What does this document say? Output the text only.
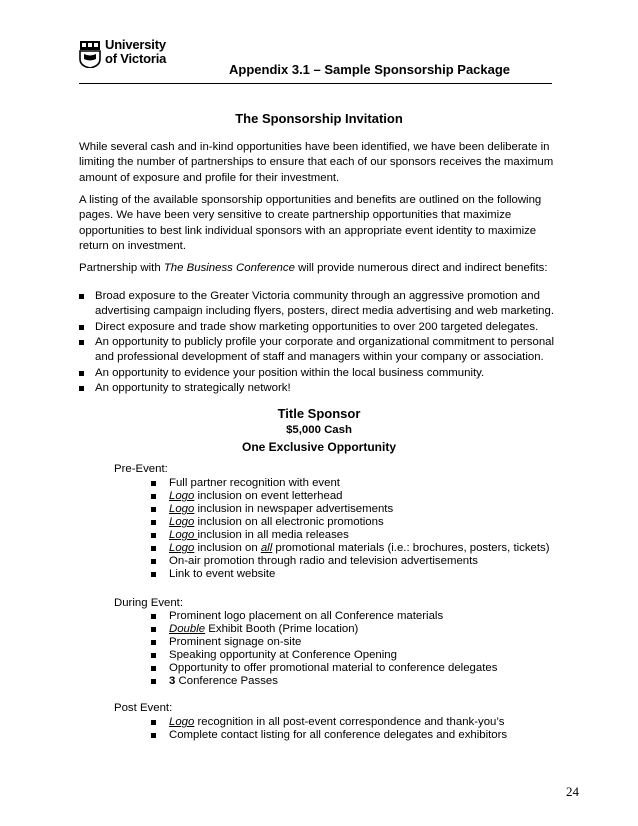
University
of Victoria
Appendix 3.1 – Sample Sponsorship Package
The Sponsorship Invitation
While several cash and in-kind opportunities have been identified, we have been deliberate in limiting the number of partnerships to ensure that each of our sponsors receives the maximum amount of exposure and profile for their investment.
A listing of the available sponsorship opportunities and benefits are outlined on the following pages. We have been very sensitive to create partnership opportunities that maximize opportunities to best link individual sponsors with an appropriate event identity to maximize return on investment.
Partnership with The Business Conference will provide numerous direct and indirect benefits:
Broad exposure to the Greater Victoria community through an aggressive promotion and advertising campaign including flyers, posters, direct media advertising and web marketing.
Direct exposure and trade show marketing opportunities to over 200 targeted delegates.
An opportunity to publicly profile your corporate and organizational commitment to personal and professional development of staff and managers within your company or association.
An opportunity to evidence your position within the local business community.
An opportunity to strategically network!
Title Sponsor
$5,000 Cash
One Exclusive Opportunity
Pre-Event:
Full partner recognition with event
Logo inclusion on event letterhead
Logo inclusion in newspaper advertisements
Logo inclusion on all electronic promotions
Logo inclusion in all media releases
Logo inclusion on all promotional materials (i.e.: brochures, posters, tickets)
On-air promotion through radio and television advertisements
Link to event website
During Event:
Prominent logo placement on all Conference materials
Double Exhibit Booth (Prime location)
Prominent signage on-site
Speaking opportunity at Conference Opening
Opportunity to offer promotional material to conference delegates
3 Conference Passes
Post Event:
Logo recognition in all post-event correspondence and thank-you’s
Complete contact listing for all conference delegates and exhibitors
24
